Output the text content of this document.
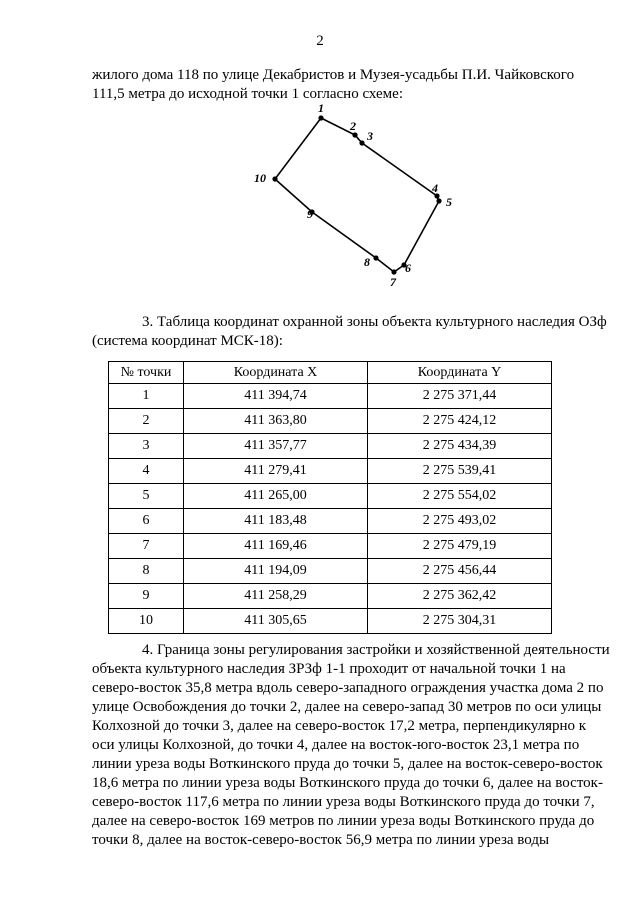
2

жилого дома 118 по улице Декабристов и Музея-усадьбы П.И. Чайковского
111,5 метра до исходной точки 1 согласно схеме:

1
2
3
4
5
6
7
8
9
10

3. Таблица координат охранной зоны объекта культурного наследия ОЗф
(система координат МСК-18):

№ точки	Координата X	Координата Y
1	411 394,74	2 275 371,44
2	411 363,80	2 275 424,12
3	411 357,77	2 275 434,39
4	411 279,41	2 275 539,41
5	411 265,00	2 275 554,02
6	411 183,48	2 275 493,02
7	411 169,46	2 275 479,19
8	411 194,09	2 275 456,44
9	411 258,29	2 275 362,42
10	411 305,65	2 275 304,31

4. Граница зоны регулирования застройки и хозяйственной деятельности
объекта культурного наследия ЗРЗф 1-1 проходит от начальной точки 1 на
северо-восток 35,8 метра вдоль северо-западного ограждения участка дома 2 по
улице Освобождения до точки 2, далее на северо-запад 30 метров по оси улицы
Колхозной до точки 3, далее на северо-восток 17,2 метра, перпендикулярно к
оси улицы Колхозной, до точки 4, далее на восток-юго-восток 23,1 метра по
линии уреза воды Воткинского пруда до точки 5, далее на восток-северо-восток
18,6 метра по линии уреза воды Воткинского пруда до точки 6, далее на восток-
северо-восток 117,6 метра по линии уреза воды Воткинского пруда до точки 7,
далее на северо-восток 169 метров по линии уреза воды Воткинского пруда до
точки 8, далее на восток-северо-восток 56,9 метра по линии уреза воды
